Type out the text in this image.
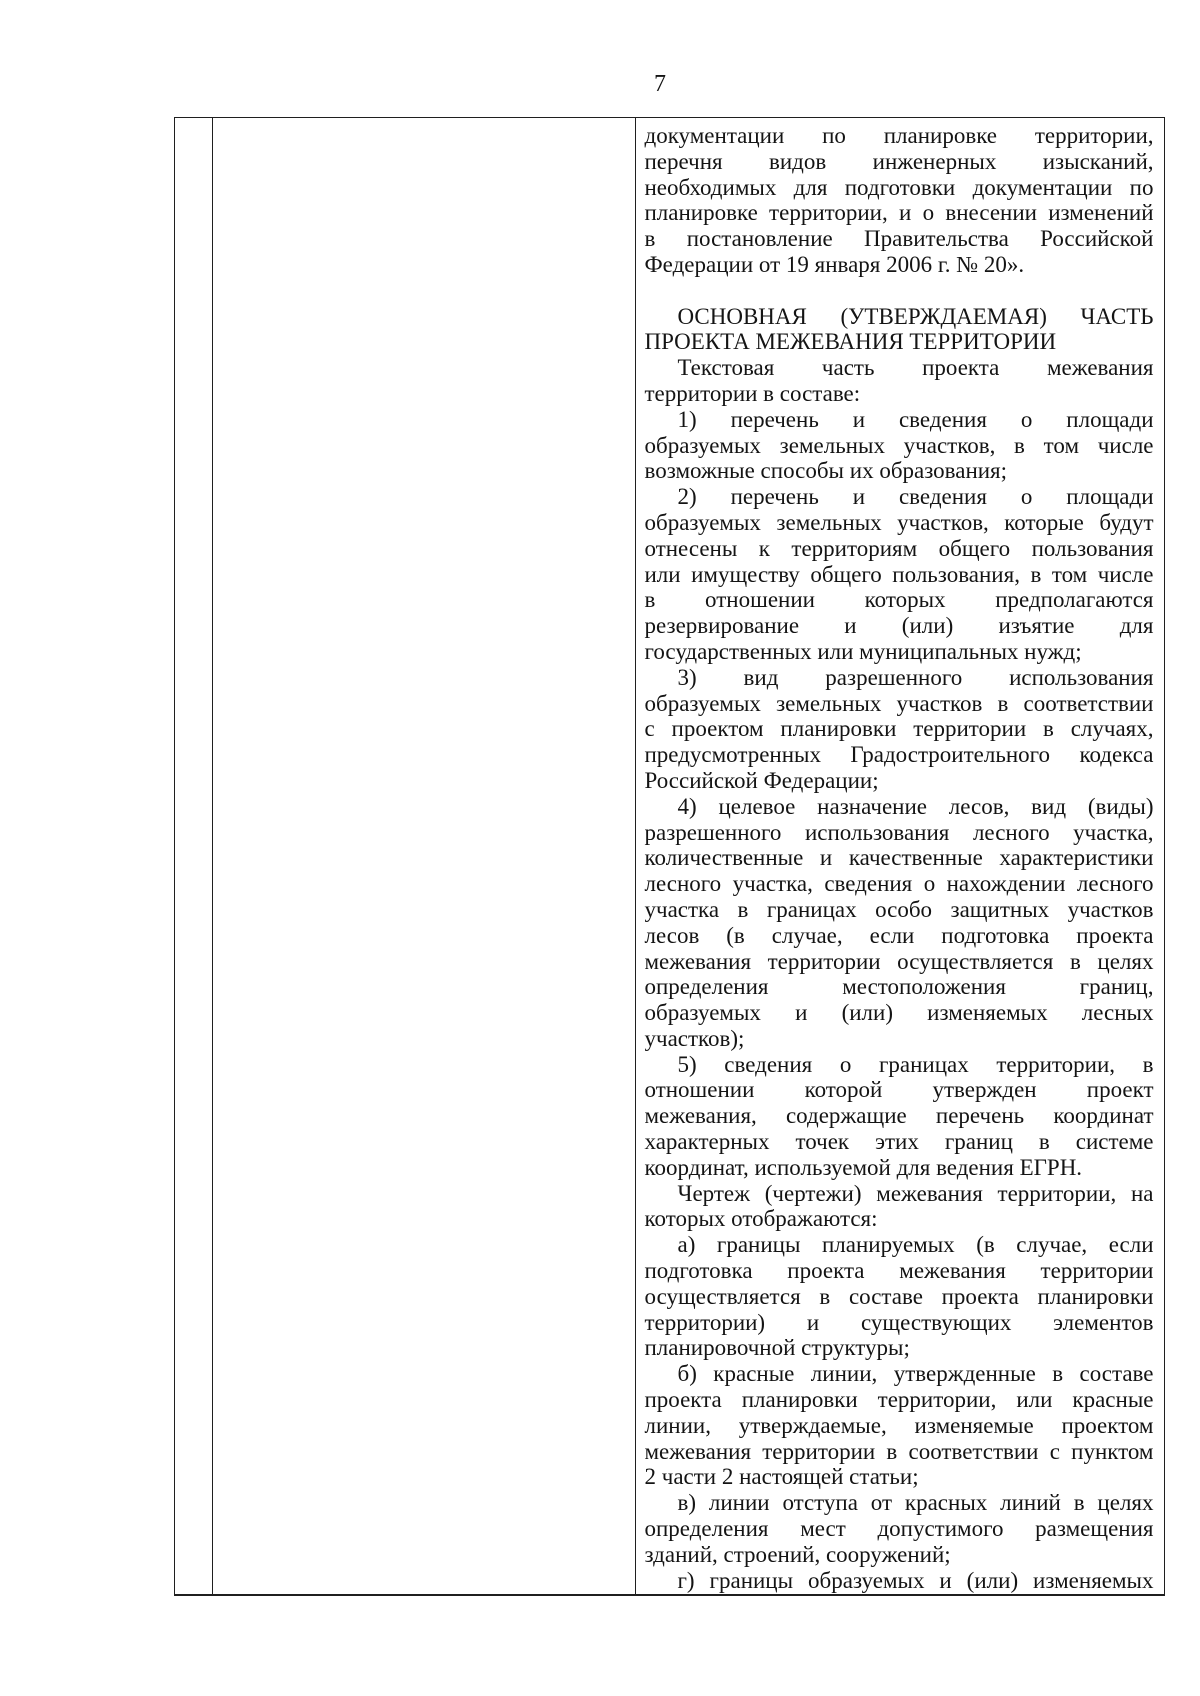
7
документации по планировке территории,
перечня видов инженерных изысканий,
необходимых для подготовки документации по
планировке территории, и о внесении изменений
в постановление Правительства Российской
Федерации от 19 января 2006 г. № 20».
ОСНОВНАЯ (УТВЕРЖДАЕМАЯ) ЧАСТЬ
ПРОЕКТА МЕЖЕВАНИЯ ТЕРРИТОРИИ
Текстовая часть проекта межевания
территории в составе:
1) перечень и сведения о площади
образуемых земельных участков, в том числе
возможные способы их образования;
2) перечень и сведения о площади
образуемых земельных участков, которые будут
отнесены к территориям общего пользования
или имуществу общего пользования, в том числе
в отношении которых предполагаются
резервирование и (или) изъятие для
государственных или муниципальных нужд;
3) вид разрешенного использования
образуемых земельных участков в соответствии
с проектом планировки территории в случаях,
предусмотренных Градостроительного кодекса
Российской Федерации;
4) целевое назначение лесов, вид (виды)
разрешенного использования лесного участка,
количественные и качественные характеристики
лесного участка, сведения о нахождении лесного
участка в границах особо защитных участков
лесов (в случае, если подготовка проекта
межевания территории осуществляется в целях
определения местоположения границ,
образуемых и (или) изменяемых лесных
участков);
5) сведения о границах территории, в
отношении которой утвержден проект
межевания, содержащие перечень координат
характерных точек этих границ в системе
координат, используемой для ведения ЕГРН.
Чертеж (чертежи) межевания территории, на
которых отображаются:
а) границы планируемых (в случае, если
подготовка проекта межевания территории
осуществляется в составе проекта планировки
территории) и существующих элементов
планировочной структуры;
б) красные линии, утвержденные в составе
проекта планировки территории, или красные
линии, утверждаемые, изменяемые проектом
межевания территории в соответствии с пунктом
2 части 2 настоящей статьи;
в) линии отступа от красных линий в целях
определения мест допустимого размещения
зданий, строений, сооружений;
г) границы образуемых и (или) изменяемых
